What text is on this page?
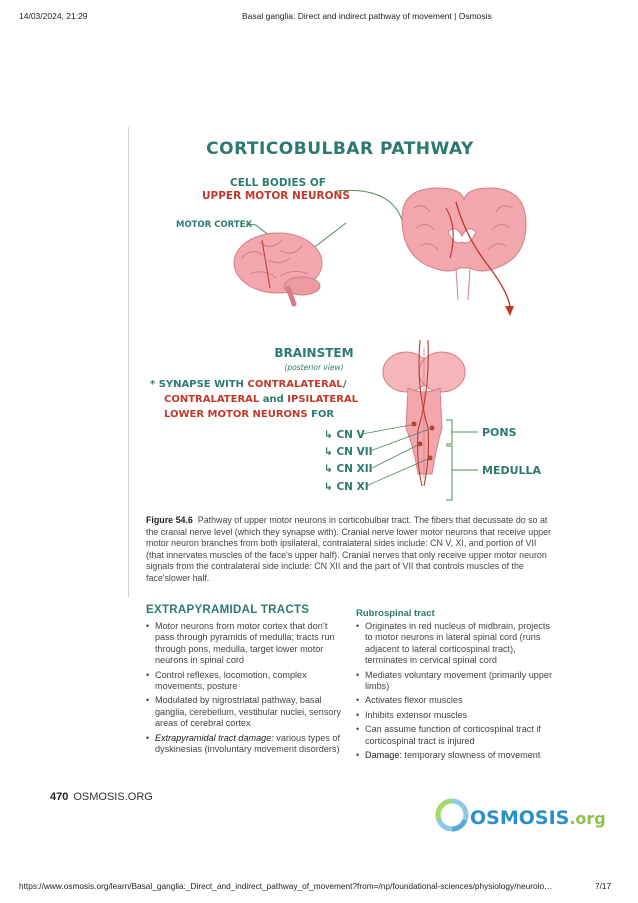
14/03/2024, 21:29	Basal ganglia: Direct and indirect pathway of movement | Osmosis
CORTICOBULBAR PATHWAY
CELL BODIES OF
UPPER MOTOR NEURONS
MOTOR CORTEX
BRAINSTEM
(posterior view)
* SYNAPSE WITH CONTRALATERAL/
CONTRALATERAL and IPSILATERAL
LOWER MOTOR NEURONS FOR
↳ CN V
↳ CN VII
↳ CN XII
↳ CN XI
PONS
MEDULLA
Figure 54.6 Pathway of upper motor neurons in corticobulbar tract. The fibers that decussate do so at the cranial nerve level (which they synapse with). Cranial nerve lower motor neurons that receive upper motor neuron branches from both ipsilateral, contralateral sides include: CN V, XI, and portion of VII (that innervates muscles of the face's upper half). Cranial nerves that only receive upper motor neuron signals from the contralateral side include: CN XII and the part of VII that controls muscles of the face'slower half.
EXTRAPYRAMIDAL TRACTS
• Motor neurons from motor cortex that don’t pass through pyramids of medulla; tracts run through pons, medulla, target lower motor neurons in spinal cord
• Control reflexes, locomotion, complex movements, posture
• Modulated by nigrostriatal pathway, basal ganglia, cerebellum, vestibular nuclei, sensory areas of cerebral cortex
• Extrapyramidal tract damage: various types of dyskinesias (involuntary movement disorders)
Rubrospinal tract
• Originates in red nucleus of midbrain, projects to motor neurons in lateral spinal cord (runs adjacent to lateral corticospinal tract), terminates in cervical spinal cord
• Mediates voluntary movement (primarily upper limbs)
• Activates flexor muscles
• Inhibits extensor muscles
• Can assume function of corticospinal tract if corticospinal tract is injured
• Damage: temporary slowness of movement
470 OSMOSIS.ORG
OSMOSIS.org
https://www.osmosis.org/learn/Basal_ganglia:_Direct_and_indirect_pathway_of_movement?from=/np/foundational-sciences/physiology/neurolo…	7/17
